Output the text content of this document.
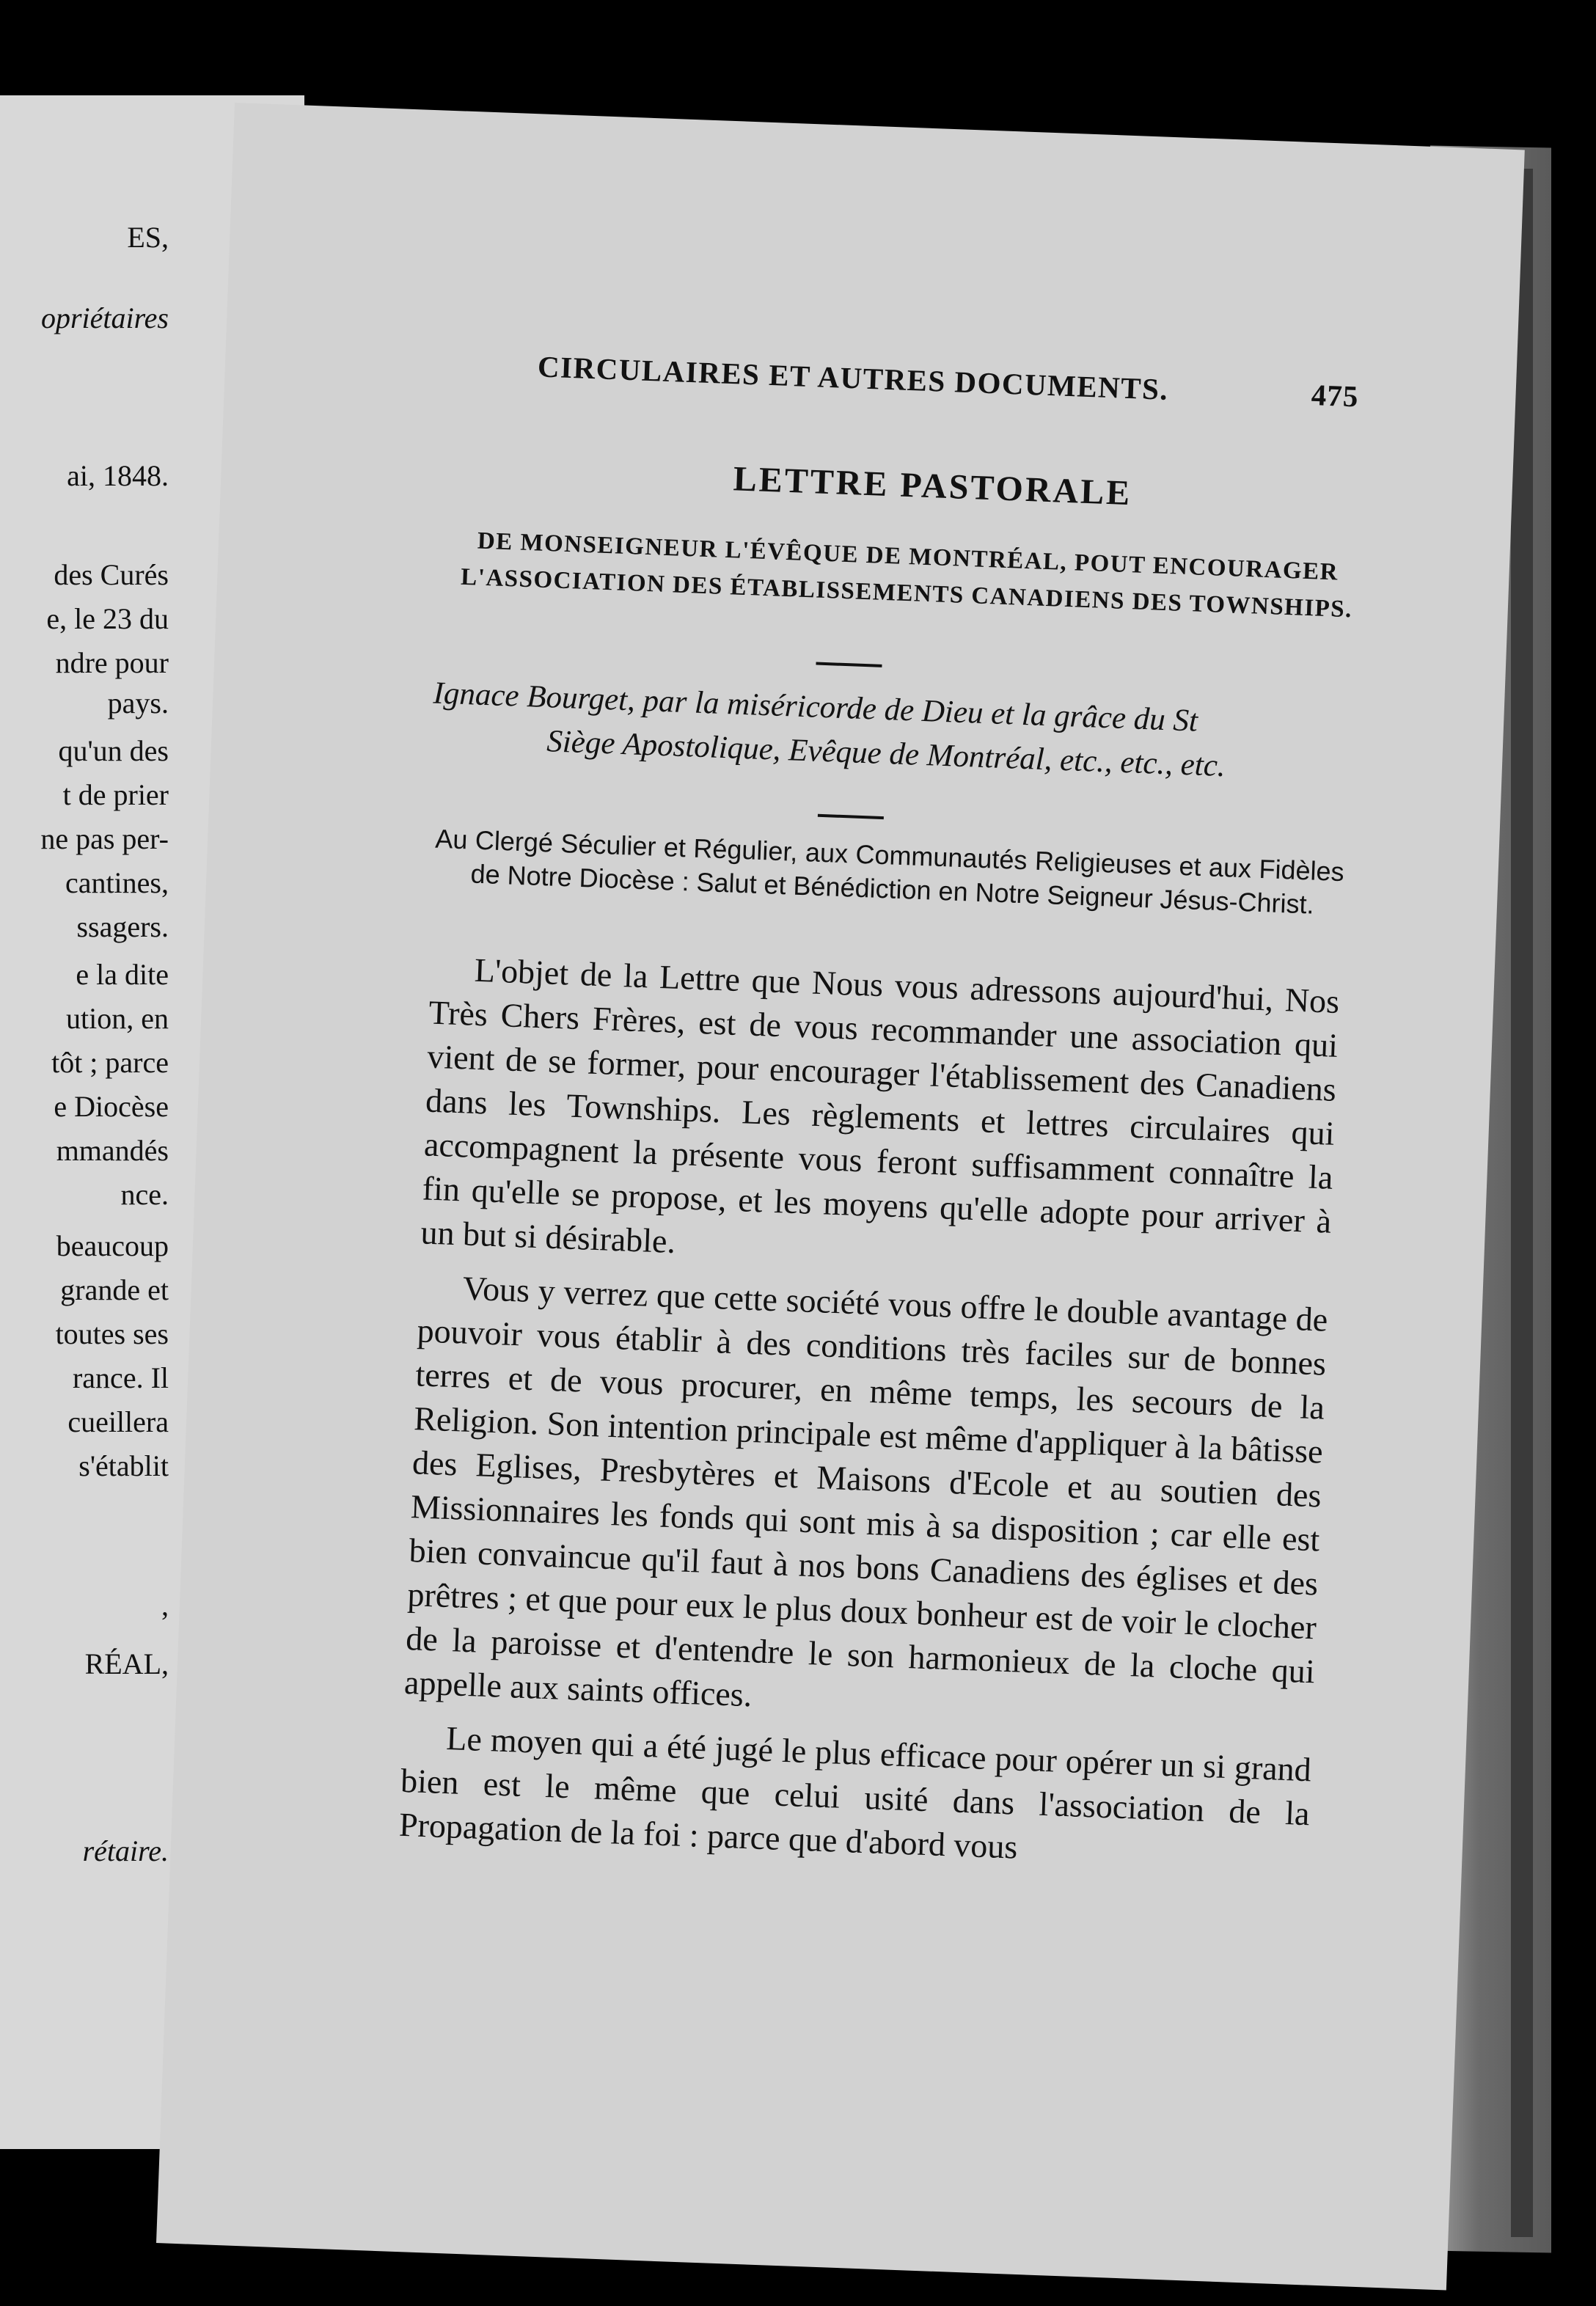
ES,
opriétaires
ai, 1848.
des Curés
e, le 23 du
ndre pour
pays.
qu'un des
t de prier
ne pas per-
cantines,
ssagers.
e la dite
ution, en
tôt ; parce
e Diocèse
mmandés
nce.
beaucoup
grande et
toutes ses
rance. Il
cueillera
s'établit
,
RÉAL,
rétaire.
CIRCULAIRES ET AUTRES DOCUMENTS.	475
LETTRE PASTORALE
DE MONSEIGNEUR L'ÉVÊQUE DE MONTRÉAL, POUT ENCOURAGER L'ASSOCIATION DES ÉTABLISSEMENTS CANADIENS DES TOWNSHIPS.

Ignace Bourget, par la miséricorde de Dieu et la grâce du St

Siège Apostolique, Evêque de Montréal, etc., etc., etc.

Au Clergé Séculier et Régulier, aux Communautés Religieuses et aux Fidèles de Notre Diocèse : Salut et Bénédiction en Notre Seigneur Jésus-Christ.

L'objet de la Lettre que Nous vous adressons aujourd'hui, Nos Très Chers Frères, est de vous recommander une association qui vient de se former, pour encourager l'établissement des Canadiens dans les Townships. Les règlements et lettres circulaires qui accompagnent la présente vous feront suffisamment connaître la fin qu'elle se propose, et les moyens qu'elle adopte pour arriver à un but si désirable.

Vous y verrez que cette société vous offre le double avantage de pouvoir vous établir à des conditions très faciles sur de bonnes terres et de vous procurer, en même temps, les secours de la Religion. Son intention principale est même d'appliquer à la bâtisse des Eglises, Presbytères et Maisons d'Ecole et au soutien des Missionnaires les fonds qui sont mis à sa disposition ; car elle est bien convaincue qu'il faut à nos bons Canadiens des églises et des prêtres ; et que pour eux le plus doux bonheur est de voir le clocher de la paroisse et d'entendre le son harmonieux de la cloche qui appelle aux saints offices.

Le moyen qui a été jugé le plus efficace pour opérer un si grand bien est le même que celui usité dans l'association de la Propagation de la foi : parce que d'abord vous
